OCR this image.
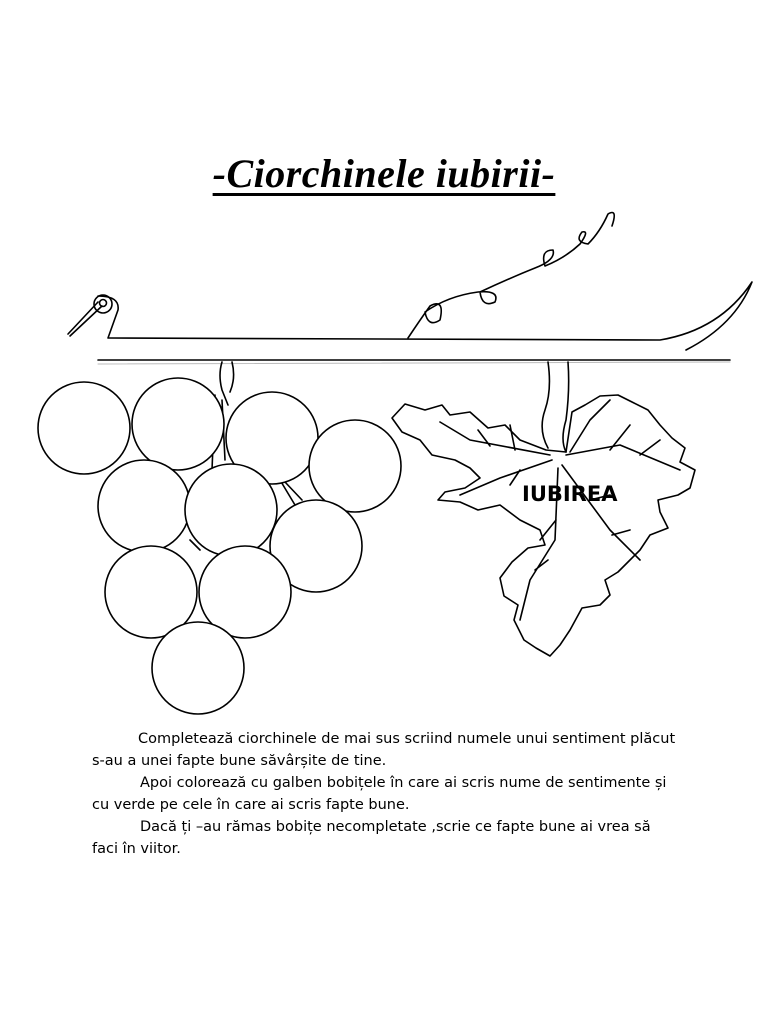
-Ciorchinele iubirii-
IUBIREA

Completează ciorchinele de mai sus scriind numele unui sentiment plăcut
s-au a unei fapte bune săvârșite de tine.

Apoi colorează cu galben bobițele în care ai scris nume de sentimente și
cu verde pe cele în care ai scris fapte bune.

Dacă ți –au rămas bobițe necompletate ,scrie ce fapte bune ai vrea să
faci în viitor.
